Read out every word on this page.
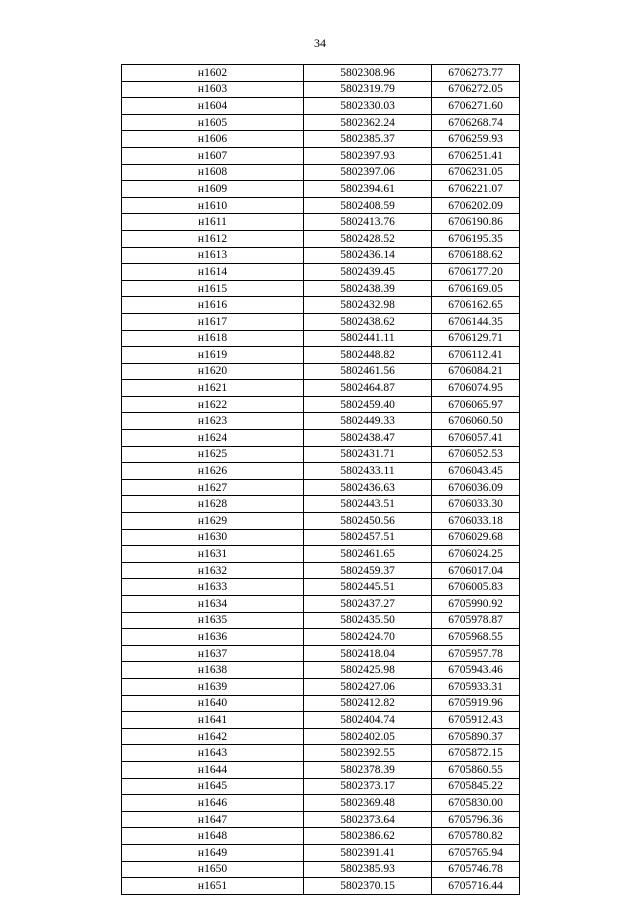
34
н1602	5802308.96	6706273.77
н1603	5802319.79	6706272.05
н1604	5802330.03	6706271.60
н1605	5802362.24	6706268.74
н1606	5802385.37	6706259.93
н1607	5802397.93	6706251.41
н1608	5802397.06	6706231.05
н1609	5802394.61	6706221.07
н1610	5802408.59	6706202.09
н1611	5802413.76	6706190.86
н1612	5802428.52	6706195.35
н1613	5802436.14	6706188.62
н1614	5802439.45	6706177.20
н1615	5802438.39	6706169.05
н1616	5802432.98	6706162.65
н1617	5802438.62	6706144.35
н1618	5802441.11	6706129.71
н1619	5802448.82	6706112.41
н1620	5802461.56	6706084.21
н1621	5802464.87	6706074.95
н1622	5802459.40	6706065.97
н1623	5802449.33	6706060.50
н1624	5802438.47	6706057.41
н1625	5802431.71	6706052.53
н1626	5802433.11	6706043.45
н1627	5802436.63	6706036.09
н1628	5802443.51	6706033.30
н1629	5802450.56	6706033.18
н1630	5802457.51	6706029.68
н1631	5802461.65	6706024.25
н1632	5802459.37	6706017.04
н1633	5802445.51	6706005.83
н1634	5802437.27	6705990.92
н1635	5802435.50	6705978.87
н1636	5802424.70	6705968.55
н1637	5802418.04	6705957.78
н1638	5802425.98	6705943.46
н1639	5802427.06	6705933.31
н1640	5802412.82	6705919.96
н1641	5802404.74	6705912.43
н1642	5802402.05	6705890.37
н1643	5802392.55	6705872.15
н1644	5802378.39	6705860.55
н1645	5802373.17	6705845.22
н1646	5802369.48	6705830.00
н1647	5802373.64	6705796.36
н1648	5802386.62	6705780.82
н1649	5802391.41	6705765.94
н1650	5802385.93	6705746.78
н1651	5802370.15	6705716.44
